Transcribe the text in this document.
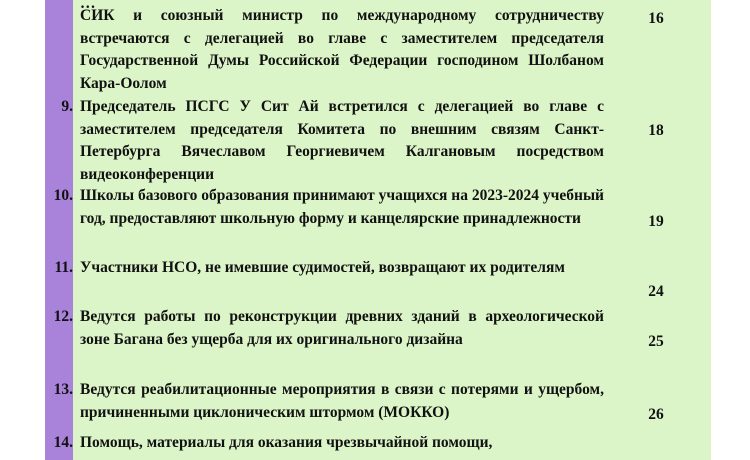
…
СИК и союзный министр по международному сотрудничеству встречаются с делегацией во главе с заместителем председателя Государственной Думы Российской Федерации господином Шолбаном Кара-Оолом
16
9. Председатель ПСГС У Сит Ай встретился с делегацией во главе с заместителем председателя Комитета по внешним связям Санкт-Петербурга Вячеславом Георгиевичем Калгановым посредством видеоконференции
18
10. Школы базового образования принимают учащихся на 2023-2024 учебный год, предоставляют школьную форму и канцелярские принадлежности	19
11. Участники НСО, не имевшие судимостей, возвращают их родителям
24
12. Ведутся работы по реконструкции древних зданий в археологической зоне Багана без ущерба для их оригинального дизайна	25
13. Ведутся реабилитационные мероприятия в связи с потерями и ущербом, причиненными циклоническим штормом (МОККО)	26
14. Помощь, материалы для оказания чрезвычайной помощи,
